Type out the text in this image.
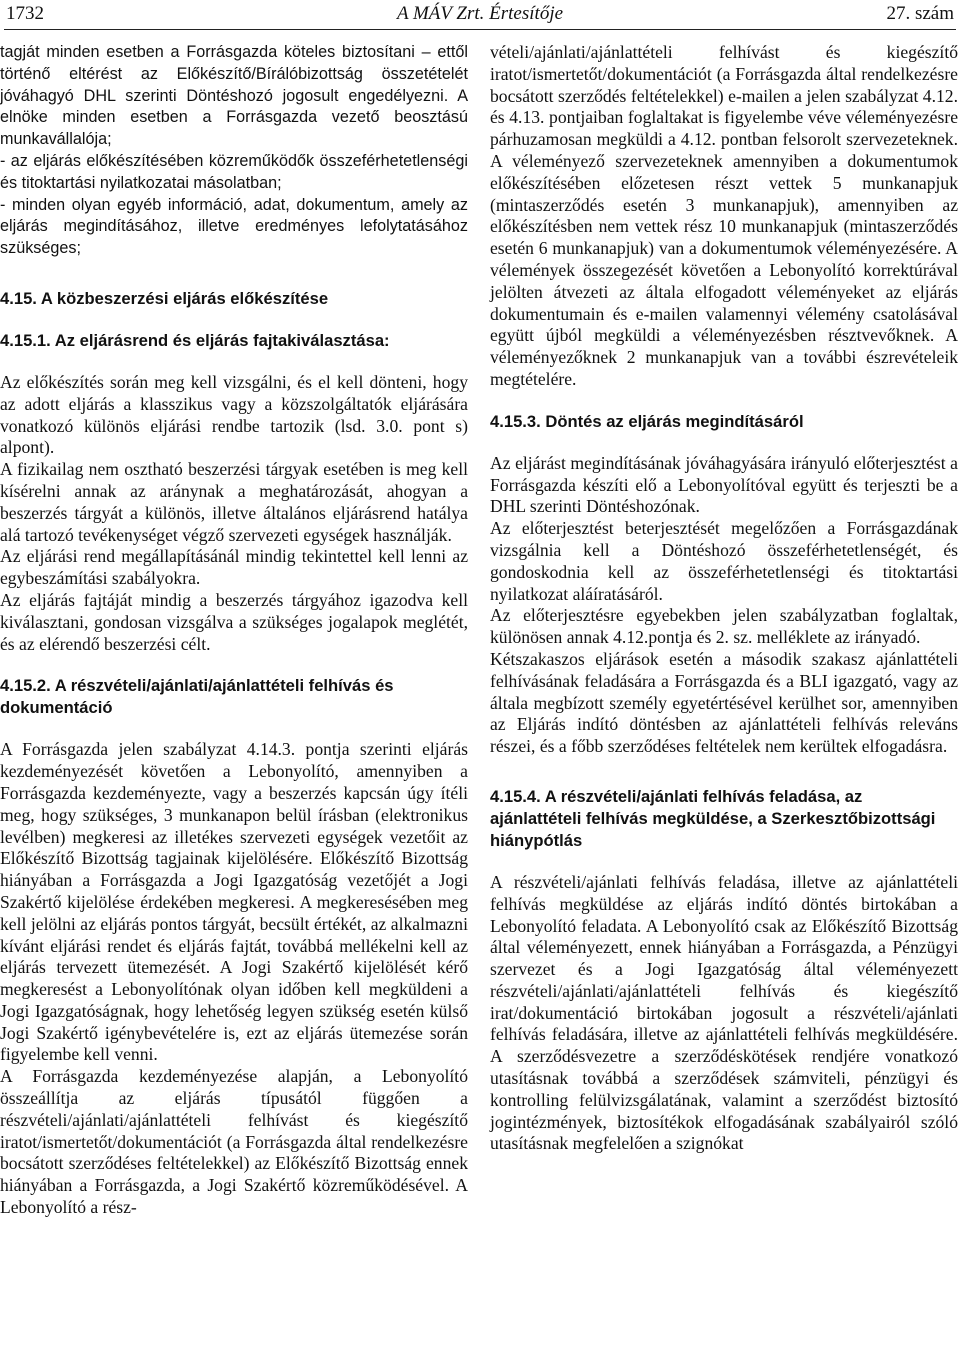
1732	A MÁV Zrt. Értesítője	27. szám

tagját minden esetben a Forrásgazda köteles biztosítani – ettől történő eltérést az Előkészítő/Bírálóbizottság összetételét jóváhagyó DHL szerinti Döntéshozó jogosult engedélyezni. A elnöke minden esetben a Forrásgazda vezető beosztású munkavállalója;

- az eljárás előkészítésében közreműködők összeférhetetlenségi és titoktartási nyilatkozatai másolatban;

- minden olyan egyéb információ, adat, dokumentum, amely az eljárás megindításához, illetve eredményes lefolytatásához szükséges;

4.15. A közbeszerzési eljárás előkészítése
4.15.1. Az eljárásrend és eljárás fajtakiválasztása:

Az előkészítés során meg kell vizsgálni, és el kell dönteni, hogy az adott eljárás a klasszikus vagy a közszolgáltatók eljárására vonatkozó különös eljárási rendbe tartozik (lsd. 3.0. pont s) alpont).

A fizikailag nem osztható beszerzési tárgyak esetében is meg kell kísérelni annak az aránynak a meghatározását, ahogyan a beszerzés tárgyát a különös, illetve általános eljárásrend hatálya alá tartozó tevékenységet végző szervezeti egységek használják.

Az eljárási rend megállapításánál mindig tekintettel kell lenni az egybeszámítási szabályokra.

Az eljárás fajtáját mindig a beszerzés tárgyához igazodva kell kiválasztani, gondosan vizsgálva a szükséges jogalapok meglétét, és az elérendő beszerzési célt.

4.15.2. A részvételi/ajánlati/ajánlattételi felhívás és dokumentáció

A Forrásgazda jelen szabályzat 4.14.3. pontja szerinti eljárás kezdeményezését követően a Lebonyolító, amennyiben a Forrásgazda kezdeményezte, vagy a beszerzés kapcsán úgy ítéli meg, hogy szükséges, 3 munkanapon belül írásban (elektronikus levélben) megkeresi az illetékes szervezeti egységek vezetőit az Előkészítő Bizottság tagjainak kijelölésére. Előkészítő Bizottság hiányában a Forrásgazda a Jogi Igazgatóság vezetőjét a Jogi Szakértő kijelölése érdekében megkeresi. A megkeresésében meg kell jelölni az eljárás pontos tárgyát, becsült értékét, az alkalmazni kívánt eljárási rendet és eljárás fajtát, továbbá mellékelni kell az eljárás tervezett ütemezését. A Jogi Szakértő kijelölését kérő megkeresést a Lebonyolítónak olyan időben kell megküldeni a Jogi Igazgatóságnak, hogy lehetőség legyen szükség esetén külső Jogi Szakértő igénybevételére is, ezt az eljárás ütemezése során figyelembe kell venni.

A Forrásgazda kezdeményezése alapján, a Lebonyolító összeállítja az eljárás típusától függően a részvételi/ajánlati/ajánlattételi felhívást és kiegészítő iratot/ismertetőt/dokumentációt (a Forrásgazda által rendelkezésre bocsátott szerződéses feltételekkel) az Előkészítő Bizottság ennek hiányában a Forrásgazda, a Jogi Szakértő közreműködésével. A Lebonyolító a rész-

vételi/ajánlati/ajánlattételi felhívást és kiegészítő iratot/ismertetőt/dokumentációt (a Forrásgazda által rendelkezésre bocsátott szerződés feltételekkel) e-mailen a jelen szabályzat 4.12. és 4.13. pontjaiban foglaltakat is figyelembe véve véleményezésre párhuzamosan megküldi a 4.12. pontban felsorolt szervezeteknek. A véleményező szervezeteknek amennyiben a dokumentumok előkészítésében előzetesen részt vettek 5 munkanapjuk (mintaszerződés esetén 3 munkanapjuk), amennyiben az előkészítésben nem vettek rész 10 munkanapjuk (mintaszerződés esetén 6 munkanapjuk) van a dokumentumok véleményezésére. A vélemények összegezését követően a Lebonyolító korrektúrával jelölten átvezeti az általa elfogadott véleményeket az eljárás dokumentumain és e-mailen valamennyi vélemény csatolásával együtt újból megküldi a véleményezésben résztvevőknek. A véleményezőknek 2 munkanapjuk van a további észrevételeik megtételére.

4.15.3. Döntés az eljárás megindításáról

Az eljárást megindításának jóváhagyására irányuló előterjesztést a Forrásgazda készíti elő a Lebonyolítóval együtt és terjeszti be a DHL szerinti Döntéshozónak.

Az előterjesztést beterjesztését megelőzően a Forrásgazdának vizsgálnia kell a Döntéshozó összeférhetetlenségét, és gondoskodnia kell az összeférhetetlenségi és titoktartási nyilatkozat aláíratásáról.

Az előterjesztésre egyebekben jelen szabályzatban foglaltak, különösen annak 4.12.pontja és 2. sz. melléklete az irányadó.

Kétszakaszos eljárások esetén a második szakasz ajánlattételi felhívásának feladására a Forrásgazda és a BLI igazgató, vagy az általa megbízott személy egyetértésével kerülhet sor, amennyiben az Eljárás indító döntésben az ajánlattételi felhívás releváns részei, és a főbb szerződéses feltételek nem kerültek elfogadásra.

4.15.4. A részvételi/ajánlati felhívás feladása, az ajánlattételi felhívás megküldése, a Szerkesztőbizottsági hiánypótlás

A részvételi/ajánlati felhívás feladása, illetve az ajánlattételi felhívás megküldése az eljárás indító döntés birtokában a Lebonyolító feladata. A Lebonyolító csak az Előkészítő Bizottság által véleményezett, ennek hiányában a Forrásgazda, a Pénzügyi szervezet és a Jogi Igazgatóság által véleményezett részvételi/ajánlati/ajánlattételi felhívás és kiegészítő irat/dokumentáció birtokában jogosult a részvételi/ajánlati felhívás feladására, illetve az ajánlattételi felhívás megküldésére. A szerződésvezetre a szerződéskötések rendjére vonatkozó utasításnak továbbá a szerződések számviteli, pénzügyi és kontrolling felülvizsgálatának, valamint a szerződést biztosító jogintézmények, biztosítékok elfogadásának szabályairól szóló utasításnak megfelelően a szignókat
